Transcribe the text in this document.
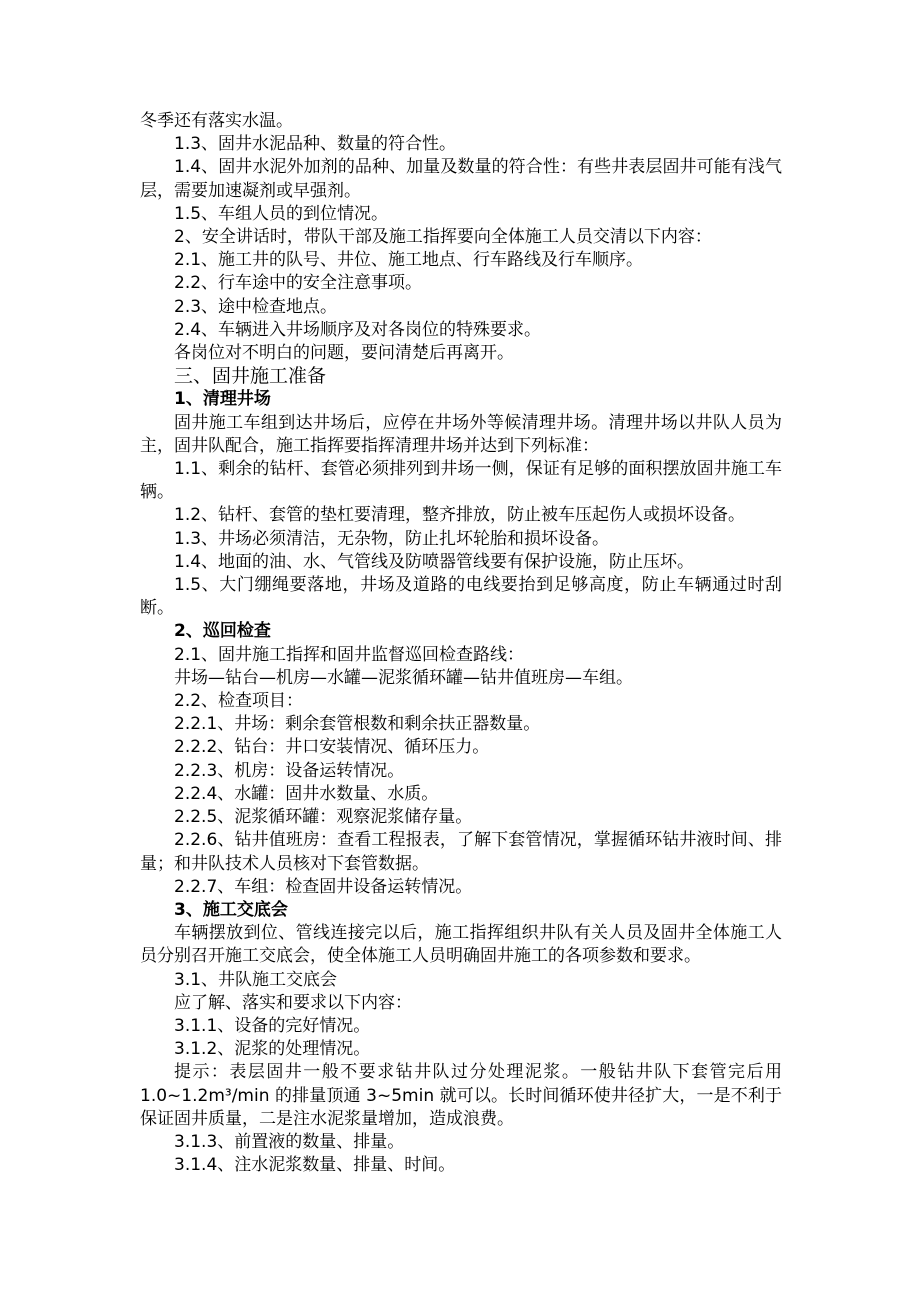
冬季还有落实水温。

1.3、固井水泥品种、数量的符合性。

1.4、固井水泥外加剂的品种、加量及数量的符合性：有些井表层固井可能有浅气层，需要加速凝剂或早强剂。

1.5、车组人员的到位情况。

2、安全讲话时，带队干部及施工指挥要向全体施工人员交清以下内容：

2.1、施工井的队号、井位、施工地点、行车路线及行车顺序。

2.2、行车途中的安全注意事项。

2.3、途中检查地点。

2.4、车辆进入井场顺序及对各岗位的特殊要求。

各岗位对不明白的问题，要问清楚后再离开。

三、固井施工准备

1、清理井场

固井施工车组到达井场后，应停在井场外等候清理井场。清理井场以井队人员为主，固井队配合，施工指挥要指挥清理井场并达到下列标准：

1.1、剩余的钻杆、套管必须排列到井场一侧，保证有足够的面积摆放固井施工车辆。

1.2、钻杆、套管的垫杠要清理，整齐排放，防止被车压起伤人或损坏设备。

1.3、井场必须清洁，无杂物，防止扎坏轮胎和损坏设备。

1.4、地面的油、水、气管线及防喷器管线要有保护设施，防止压坏。

1.5、大门绷绳要落地，井场及道路的电线要抬到足够高度，防止车辆通过时刮断。

2、巡回检查

2.1、固井施工指挥和固井监督巡回检查路线：

井场—钻台—机房—水罐—泥浆循环罐—钻井值班房—车组。

2.2、检查项目：

2.2.1、井场：剩余套管根数和剩余扶正器数量。

2.2.2、钻台：井口安装情况、循环压力。

2.2.3、机房：设备运转情况。

2.2.4、水罐：固井水数量、水质。

2.2.5、泥浆循环罐：观察泥浆储存量。

2.2.6、钻井值班房：查看工程报表，了解下套管情况，掌握循环钻井液时间、排量；和井队技术人员核对下套管数据。

2.2.7、车组：检查固井设备运转情况。

3、施工交底会

车辆摆放到位、管线连接完以后，施工指挥组织井队有关人员及固井全体施工人员分别召开施工交底会，使全体施工人员明确固井施工的各项参数和要求。

3.1、井队施工交底会

应了解、落实和要求以下内容：

3.1.1、设备的完好情况。

3.1.2、泥浆的处理情况。

提示：表层固井一般不要求钻井队过分处理泥浆。一般钻井队下套管完后用1.0~1.2m³/min 的排量顶通 3~5min 就可以。长时间循环使井径扩大，一是不利于保证固井质量，二是注水泥浆量增加，造成浪费。

3.1.3、前置液的数量、排量。

3.1.4、注水泥浆数量、排量、时间。
